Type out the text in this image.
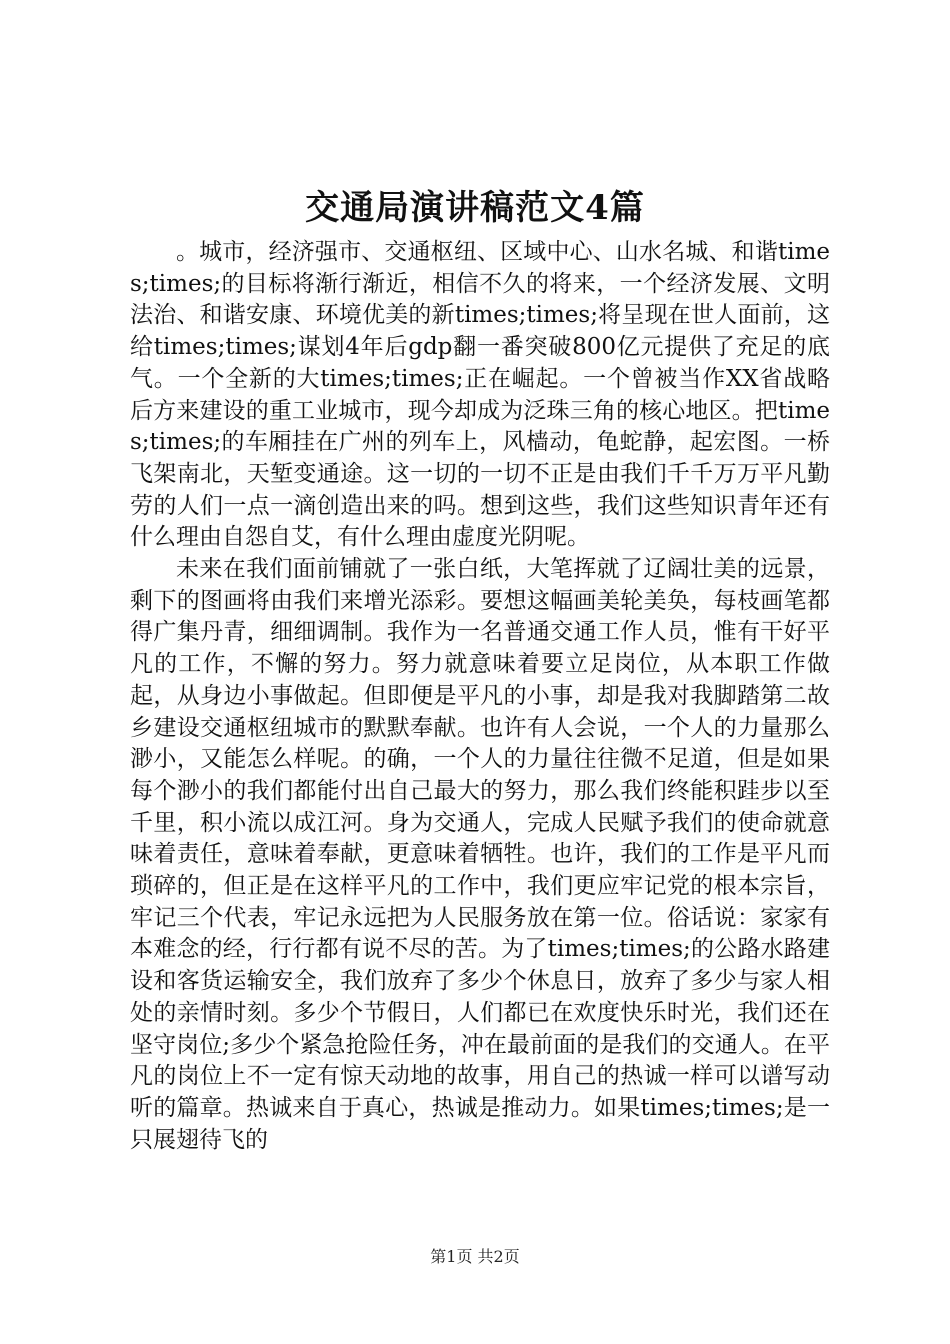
交通局演讲稿范文4篇

。城市，经济强市、交通枢纽、区域中心、山水名城、和谐times;times;的目标将渐行渐近，相信不久的将来，一个经济发展、文明法治、和谐安康、环境优美的新times;times;将呈现在世人面前，这给times;times;谋划4年后gdp翻一番突破800亿元提供了充足的底气。一个全新的大times;times;正在崛起。一个曾被当作XX省战略后方来建设的重工业城市，现今却成为泛珠三角的核心地区。把times;times;的车厢挂在广州的列车上，风樯动，龟蛇静，起宏图。一桥飞架南北，天堑变通途。这一切的一切不正是由我们千千万万平凡勤劳的人们一点一滴创造出来的吗。想到这些，我们这些知识青年还有什么理由自怨自艾，有什么理由虚度光阴呢。

未来在我们面前铺就了一张白纸，大笔挥就了辽阔壮美的远景，剩下的图画将由我们来增光添彩。要想这幅画美轮美奂，每枝画笔都得广集丹青，细细调制。我作为一名普通交通工作人员，惟有干好平凡的工作，不懈的努力。努力就意味着要立足岗位，从本职工作做起，从身边小事做起。但即便是平凡的小事，却是我对我脚踏第二故乡建设交通枢纽城市的默默奉献。也许有人会说，一个人的力量那么渺小，又能怎么样呢。的确，一个人的力量往往微不足道，但是如果每个渺小的我们都能付出自己最大的努力，那么我们终能积跬步以至千里，积小流以成江河。身为交通人，完成人民赋予我们的使命就意味着责任，意味着奉献，更意味着牺牲。也许，我们的工作是平凡而琐碎的，但正是在这样平凡的工作中，我们更应牢记党的根本宗旨，牢记三个代表，牢记永远把为人民服务放在第一位。俗话说：家家有本难念的经，行行都有说不尽的苦。为了times;times;的公路水路建设和客货运输安全，我们放弃了多少个休息日，放弃了多少与家人相处的亲情时刻。多少个节假日，人们都已在欢度快乐时光，我们还在坚守岗位;多少个紧急抢险任务，冲在最前面的是我们的交通人。在平凡的岗位上不一定有惊天动地的故事，用自己的热诚一样可以谱写动听的篇章。热诚来自于真心，热诚是推动力。如果times;times;是一只展翅待飞的

第1页 共2页
